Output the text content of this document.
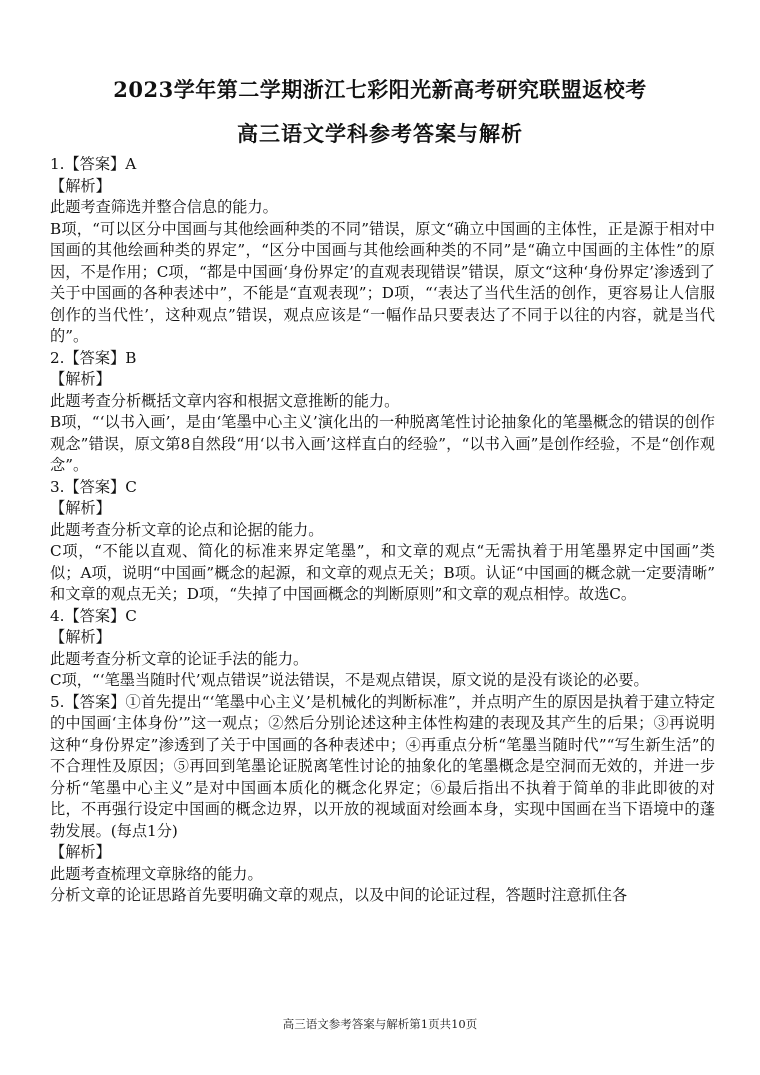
2023学年第二学期浙江七彩阳光新高考研究联盟返校考
高三语文学科参考答案与解析

1.【答案】A

【解析】

此题考查筛选并整合信息的能力。

B项，“可以区分中国画与其他绘画种类的不同”错误，原文“确立中国画的主体性，正是源于相对中国画的其他绘画种类的界定”，“区分中国画与其他绘画种类的不同”是“确立中国画的主体性”的原因，不是作用；C项，“都是中国画‘身份界定’的直观表现错误”错误，原文“这种‘身份界定’渗透到了关于中国画的各种表述中”，不能是“直观表现”；D项，“‘表达了当代生活的创作，更容易让人信服创作的当代性’，这种观点”错误，观点应该是“一幅作品只要表达了不同于以往的内容，就是当代的”。

2.【答案】B

【解析】

此题考查分析概括文章内容和根据文意推断的能力。

B项，“‘以书入画’，是由‘笔墨中心主义’演化出的一种脱离笔性讨论抽象化的笔墨概念的错误的创作观念”错误，原文第8自然段“用‘以书入画’这样直白的经验”，“以书入画”是创作经验，不是“创作观念”。

3.【答案】C

【解析】

此题考查分析文章的论点和论据的能力。

C项，“不能以直观、简化的标准来界定笔墨”，和文章的观点“无需执着于用笔墨界定中国画”类似；A项，说明“中国画”概念的起源，和文章的观点无关；B项。认证“中国画的概念就一定要清晰” 和文章的观点无关；D项，“失掉了中国画概念的判断原则”和文章的观点相悖。故选C。

4.【答案】C

【解析】

此题考查分析文章的论证手法的能力。

C项，“‘笔墨当随时代’观点错误”说法错误，不是观点错误，原文说的是没有谈论的必要。

5.【答案】①首先提出“‘笔墨中心主义’是机械化的判断标准”，并点明产生的原因是执着于建立特定的中国画‘主体身份’”这一观点；②然后分别论述这种主体性构建的表现及其产生的后果；③再说明这种“身份界定”渗透到了关于中国画的各种表述中；④再重点分析“笔墨当随时代”“写生新生活”的不合理性及原因；⑤再回到笔墨论证脱离笔性讨论的抽象化的笔墨概念是空洞而无效的，并进一步分析“笔墨中心主义”是对中国画本质化的概念化界定；⑥最后指出不执着于简单的非此即彼的对比，不再强行设定中国画的概念边界，以开放的视域面对绘画本身，实现中国画在当下语境中的蓬勃发展。(每点1分)

【解析】

此题考查梳理文章脉络的能力。

分析文章的论证思路首先要明确文章的观点，以及中间的论证过程，答题时注意抓住各

高三语文参考答案与解析第1页共10页
